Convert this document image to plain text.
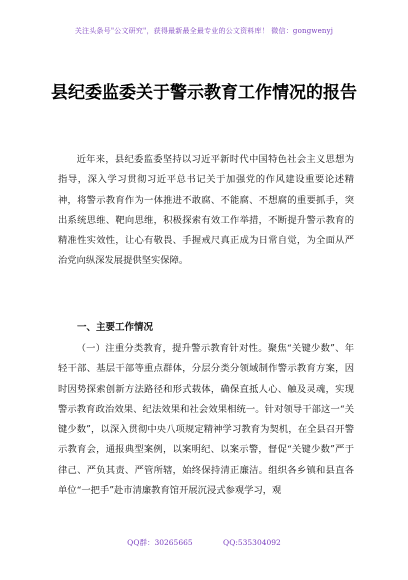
关注头条号"公文研究"，获得最新最全最专业的公文资料库！ 微信：gongwenyj
县纪委监委关于警示教育工作情况的报告

近年来，县纪委监委坚持以习近平新时代中国特色社会主义思想为指导，深入学习贯彻习近平总书记关于加强党的作风建设重要论述精神，将警示教育作为一体推进不敢腐、不能腐、不想腐的重要抓手，突出系统思维、靶向思维，积极探索有效工作举措，不断提升警示教育的精准性实效性，让心有敬畏、手握戒尺真正成为日常自觉，为全面从严治党向纵深发展提供坚实保障。

一、主要工作情况

（一）注重分类教育，提升警示教育针对性。聚焦“关键少数”、年轻干部、基层干部等重点群体，分层分类分领域制作警示教育方案，因时因势探索创新方法路径和形式载体，确保直抵人心、触及灵魂，实现警示教育政治效果、纪法效果和社会效果相统一。针对领导干部这一“关键少数”，以深入贯彻中央八项规定精神学习教育为契机，在全县召开警示教育会，通报典型案例，以案明纪、以案示警，督促“关键少数”严于律己、严负其责、严管所辖，始终保持清正廉洁。组织各乡镇和县直各单位“一把手”赴市清廉教育馆开展沉浸式参观学习，观

QQ群：30265665	QQ:535304092
